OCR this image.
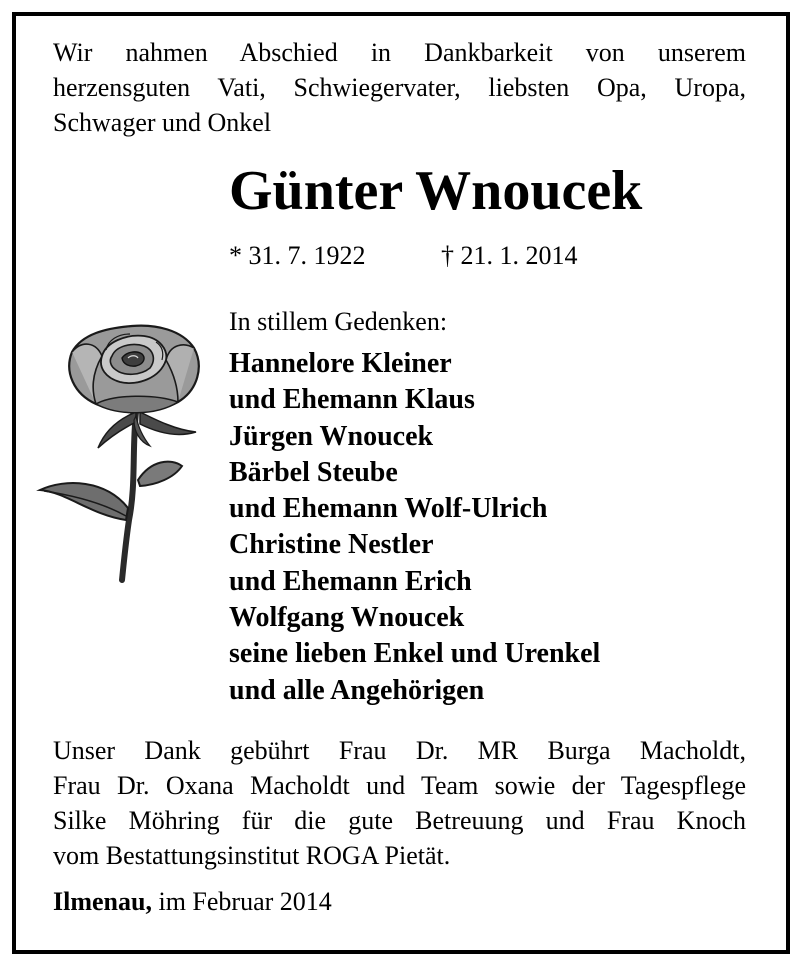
Wir nahmen Abschied in Dankbarkeit von unserem
herzensguten Vati, Schwiegervater, liebsten Opa, Uropa,
Schwager und Onkel
Günter Wnoucek
* 31. 7. 1922	† 21. 1. 2014
In stillem Gedenken:
Hannelore Kleiner
und Ehemann Klaus
Jürgen Wnoucek
Bärbel Steube
und Ehemann Wolf-Ulrich
Christine Nestler
und Ehemann Erich
Wolfgang Wnoucek
seine lieben Enkel und Urenkel
und alle Angehörigen
Unser Dank gebührt Frau Dr. MR Burga Macholdt,
Frau Dr. Oxana Macholdt und Team sowie der Tagespflege
Silke Möhring für die gute Betreuung und Frau Knoch
vom Bestattungsinstitut ROGA Pietät.
Ilmenau, im Februar 2014
